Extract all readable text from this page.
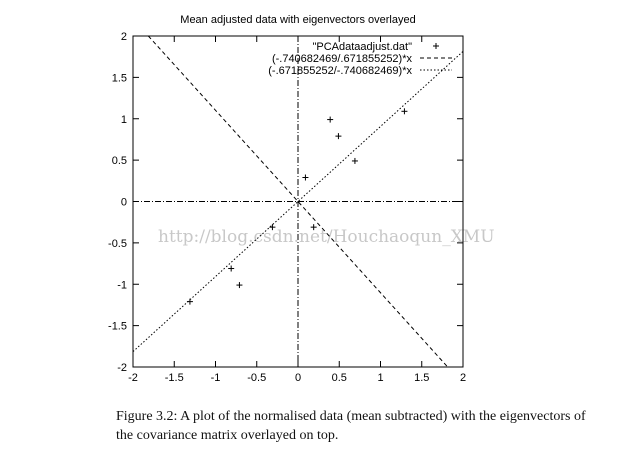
Mean adjusted data with eigenvectors overlayed
http://blog.csdn.net/Houchaoqun_XMU
-2 -1.5 -1 -0.5	0	0.5	1	1.5	2
2
1.5
1
0.5
0
-0.5
-1
-1.5
-2
"PCAdataadjust.dat"
(-.740682469/.671855252)*x
(-.671855252/-.740682469)*x
Figure 3.2: A plot of the normalised data (mean subtracted) with the eigenvectors of
the covariance matrix overlayed on top.
